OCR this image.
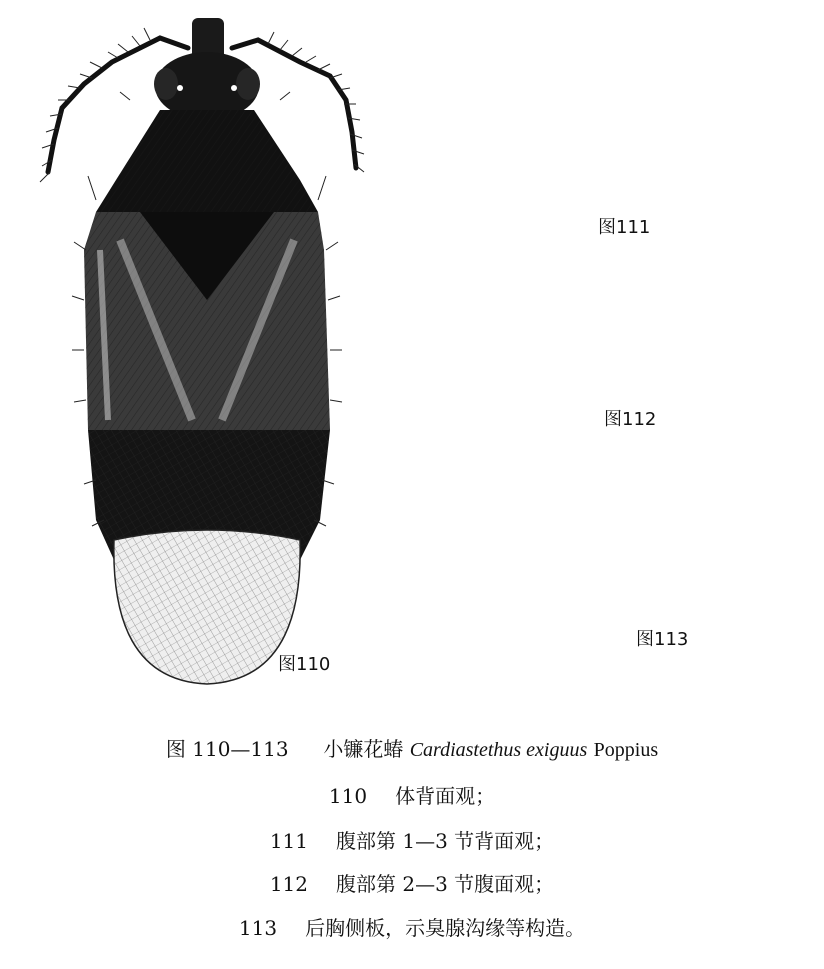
图110
图111
图112
图113
图 110—113 小镰花蝽 Cardiastethus exiguus Poppius
110 体背面观；
111 腹部第 1—3 节背面观；
112 腹部第 2—3 节腹面观；
113 后胸侧板，示臭腺沟缘等构造。
